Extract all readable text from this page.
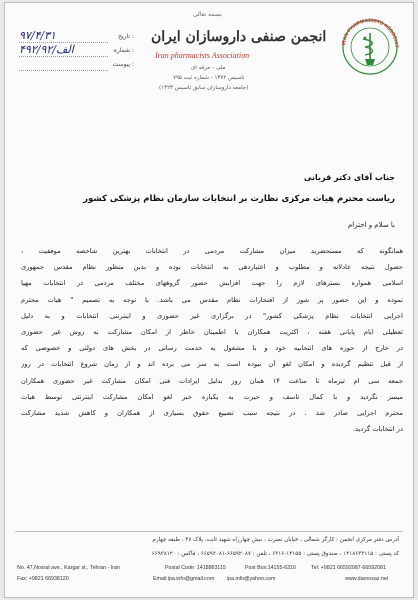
بسمه تعالی
۹۷/۴/۳۱	تاریخ :
۴۹۲/الف/۹۲	شماره :
پیوست :
انجمن صنفی داروسازان ایران
Iran pharmacists Association
ملی - حرفه ای
تاسیس ۱۳۷۲ - شماره ثبت ۷۹۵
(جامعه داروسازان سابق تاسیس ۱۳۲۳)
IRAN PHARMACISTS ASSOCIAT
جناب آقای دکتر قربانی
ریاست محترم هیات مرکزی نظارت بر انتخابات سازمان نظام پزشکی کشور
با سلام و احترام
همانگونه که مستحضرید میزان مشارکت مردمی در انتخابات بهترین شاخصه موفقیت ،
حصول نتیجه عادلانه و مطلوب و اعتباردهی به انتخابات بوده و بدین منظور نظام مقدس جمهوری
اسلامی همواره بسترهای لازم را جهت افزایش حضور گروههای مختلف مردمی در انتخابات مهیا
نموده و این حضور پر شور از افتخارات نظام مقدس می باشد. با توجه به تصمیم " هیات محترم
اجرایی انتخابات نظام پزشکی کشور" در برگزاری غیر حضوری و اینترنتی انتخابات و به دلیل
تعطیلی ایام پایانی هفته ، اکثریت همکاران با اطمینان خاطر از امکان مشارکت به روش غیر حضوری
در خارج از حوزه های انتخابیه خود و با مشغول به خدمت رسانی در بخش های دولتی و خصوصی که
از قبل تنظیم گردیده و امکان لغو آن نبوده است به سر می برده اند و از زمان شروع انتخابات در روز
جمعه سی ام تیرماه تا ساعت ۱۴ همان روز بدلیل ایرادات فنی امکان مشارکت غیر حضوری همکاران
میسر نگردید و با کمال تاسف و حیرت به یکباره خبر لغو امکان مشارکت اینترنتی توسط هیات
محترم اجرایی صادر شد . در نتیجه سبب تضییع حقوق بسیاری از همکاران و کاهش شدید مشارکت
در انتخابات گردید.
آدرس دفتر مرکزی انجمن : کارگر شمالی ، خیابان نصرت ، نبش چهارراه شهید ثابت، پلاک ۴۷ ، طبقه چهارم
کد پستی : ۱۴۱۸۶۳۳۱۱۵ ، صندوق پستی : ۱۴۱۵۵-۶۳۱۶ ، تلفن : ۶۶۵۹۲۰۸۷-۶۶۵۹۲۰۸۱ ، فاکس : ۶۶۹۳۸۱۲۰
No. 47,Nosrat ave., Kargar st., Tehran - Iran	Postal Code: 1418863115	Post Box:14155-6316	Tel: +9821 66592087-66592081
Fax: +9821 66938120	Email:ipa.info@gmail.com ipa.info@yahoo.com	www.daroosaz.net
